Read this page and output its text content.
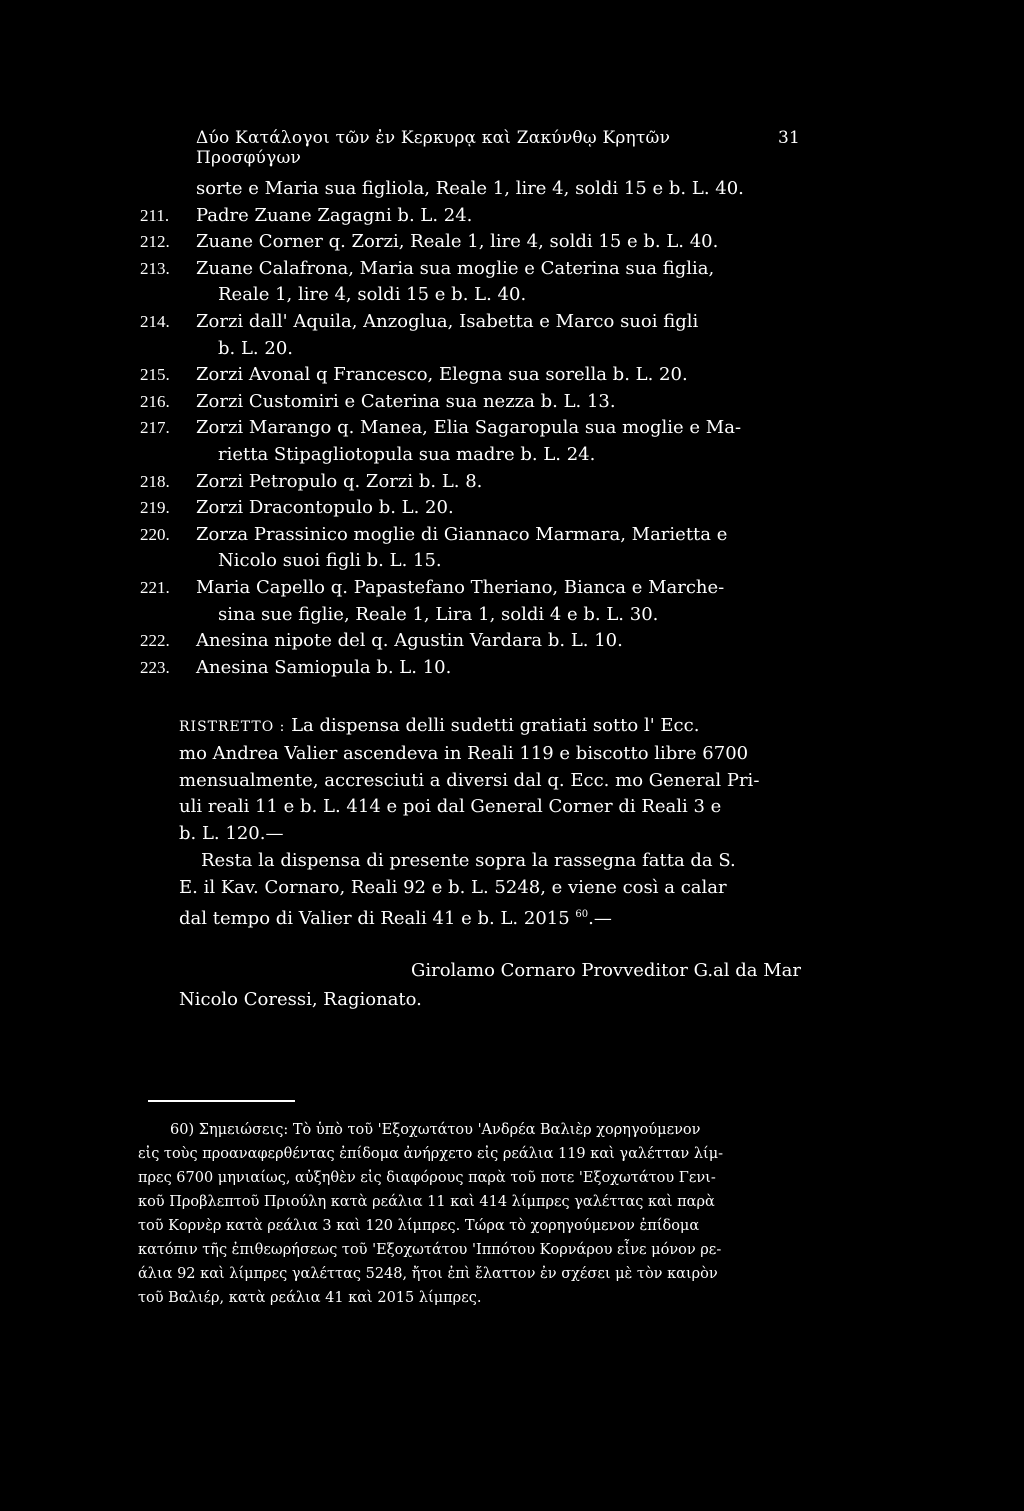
Δύο Κατάλογοι τῶν ἐν Κερκυρᾳ καὶ Ζακύνθῳ Κρητῶν Προσφύγων
31
sorte e Maria sua figliola, Reale 1, lire 4, soldi 15 e b. L. 40.
211.	Padre Zuane Zagagni b. L. 24.
212.	Zuane Corner q. Zorzi, Reale 1, lire 4, soldi 15 e b. L. 40.
213.	Zuane Calafrona, Maria sua moglie e Caterina sua figlia,
Reale 1, lire 4, soldi 15 e b. L. 40.
214.	Zorzi dall' Aquila, Anzoglua, Isabetta e Marco suoi figli
b. L. 20.
215.	Zorzi Avonal q Francesco, Elegna sua sorella b. L. 20.
216.	Zorzi Customiri e Caterina sua nezza b. L. 13.
217.	Zorzi Marango q. Manea, Elia Sagaropula sua moglie e Ma-
rietta Stipagliotopula sua madre b. L. 24.
218.	Zorzi Petropulo q. Zorzi b. L. 8.
219.	Zorzi Dracontopulo b. L. 20.
220.	Zorza Prassinico moglie di Giannaco Marmara, Marietta e
Nicolo suoi figli b. L. 15.
221.	Maria Capello q. Papastefano Theriano, Bianca e Marche-
sina sue figlie, Reale 1, Lira 1, soldi 4 e b. L. 30.
222.	Anesina nipote del q. Agustin Vardara b. L. 10.
223.	Anesina Samiopula b. L. 10.
RISTRETTO : La dispensa delli sudetti gratiati sotto l' Ecc.
mo Andrea Valier ascendeva in Reali 119 e biscotto libre 6700
mensualmente, accresciuti a diversi dal q. Ecc. mo General Pri-
uli reali 11 e b. L. 414 e poi dal General Corner di Reali 3 e
b. L. 120.—
Resta la dispensa di presente sopra la rassegna fatta da S.
E. il Kav. Cornaro, Reali 92 e b. L. 5248, e viene così a calar
dal tempo di Valier di Reali 41 e b. L. 2015 $^{60}$.—
Girolamo Cornaro Provveditor G.al da Mar
Nicolo Coressi, Ragionato.
60) Σημειώσεις: Τὸ ὑπὸ τοῦ 'Εξοχωτάτου 'Ανδρέα Βαλιὲρ χορηγούμενον
εἰς τοὺς προαναφερθέντας ἐπίδομα ἀνήρχετο εἰς ρεάλια 119 καὶ γαλέτταν λίμ-
πρες 6700 μηνιαίως, αὐξηθὲν εἰς διαφόρους παρὰ τοῦ ποτε 'Εξοχωτάτου Γενι-
κοῦ Προβλεπτοῦ Πριούλη κατὰ ρεάλια 11 καὶ 414 λίμπρες γαλέττας καὶ παρὰ
τοῦ Κορνὲρ κατὰ ρεάλια 3 καὶ 120 λίμπρες. Τώρα τὸ χορηγούμενον ἐπίδομα
κατόπιν τῆς ἐπιθεωρήσεως τοῦ 'Εξοχωτάτου 'Ιππότου Κορνάρου εἶνε μόνον ρε-
άλια 92 καὶ λίμπρες γαλέττας 5248, ἤτοι ἐπὶ ἔλαττον ἐν σχέσει μὲ τὸν καιρὸν
τοῦ Βαλιέρ, κατὰ ρεάλια 41 καὶ 2015 λίμπρες.
